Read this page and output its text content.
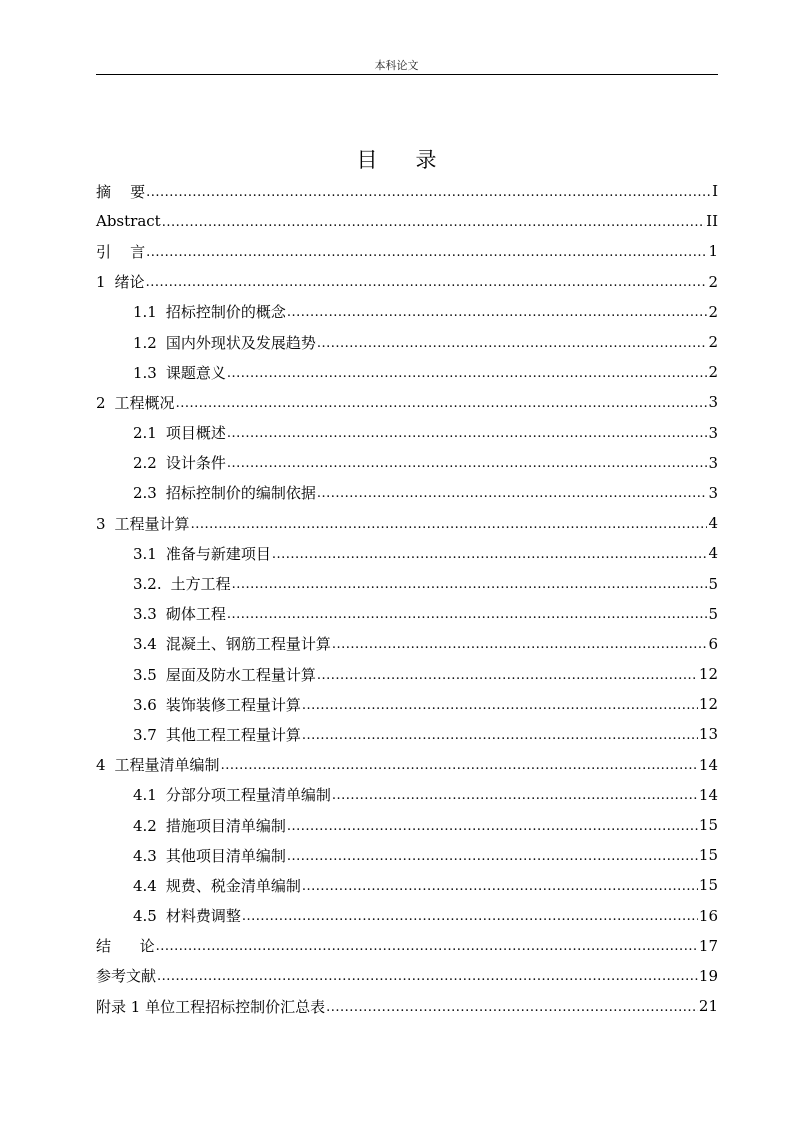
本科论文
目录
摘    要 .....	I
Abstract .....	II
引    言 .....	1
1 绪论 .....	2
1.1 招标控制价的概念 .....	2
1.2 国内外现状及发展趋势 .....	2
1.3 课题意义 .....	2
2 工程概况 .....	3
2.1 项目概述 .....	3
2.2 设计条件 .....	3
2.3 招标控制价的编制依据 .....	3
3 工程量计算 .....	4
3.1 准备与新建项目 .....	4
3.2. 土方工程 .....	5
3.3 砌体工程 .....	5
3.4 混凝土、钢筋工程量计算 .....	6
3.5 屋面及防水工程量计算 .....	12
3.6 装饰装修工程量计算 .....	12
3.7 其他工程工程量计算 .....	13
4 工程量清单编制 .....	14
4.1 分部分项工程量清单编制 .....	14
4.2 措施项目清单编制 .....	15
4.3 其他项目清单编制 .....	15
4.4 规费、税金清单编制 .....	15
4.5 材料费调整 .....	16
结      论 .....	17
参考文献 .....	19
附录 1 单位工程招标控制价汇总表 .....	21
